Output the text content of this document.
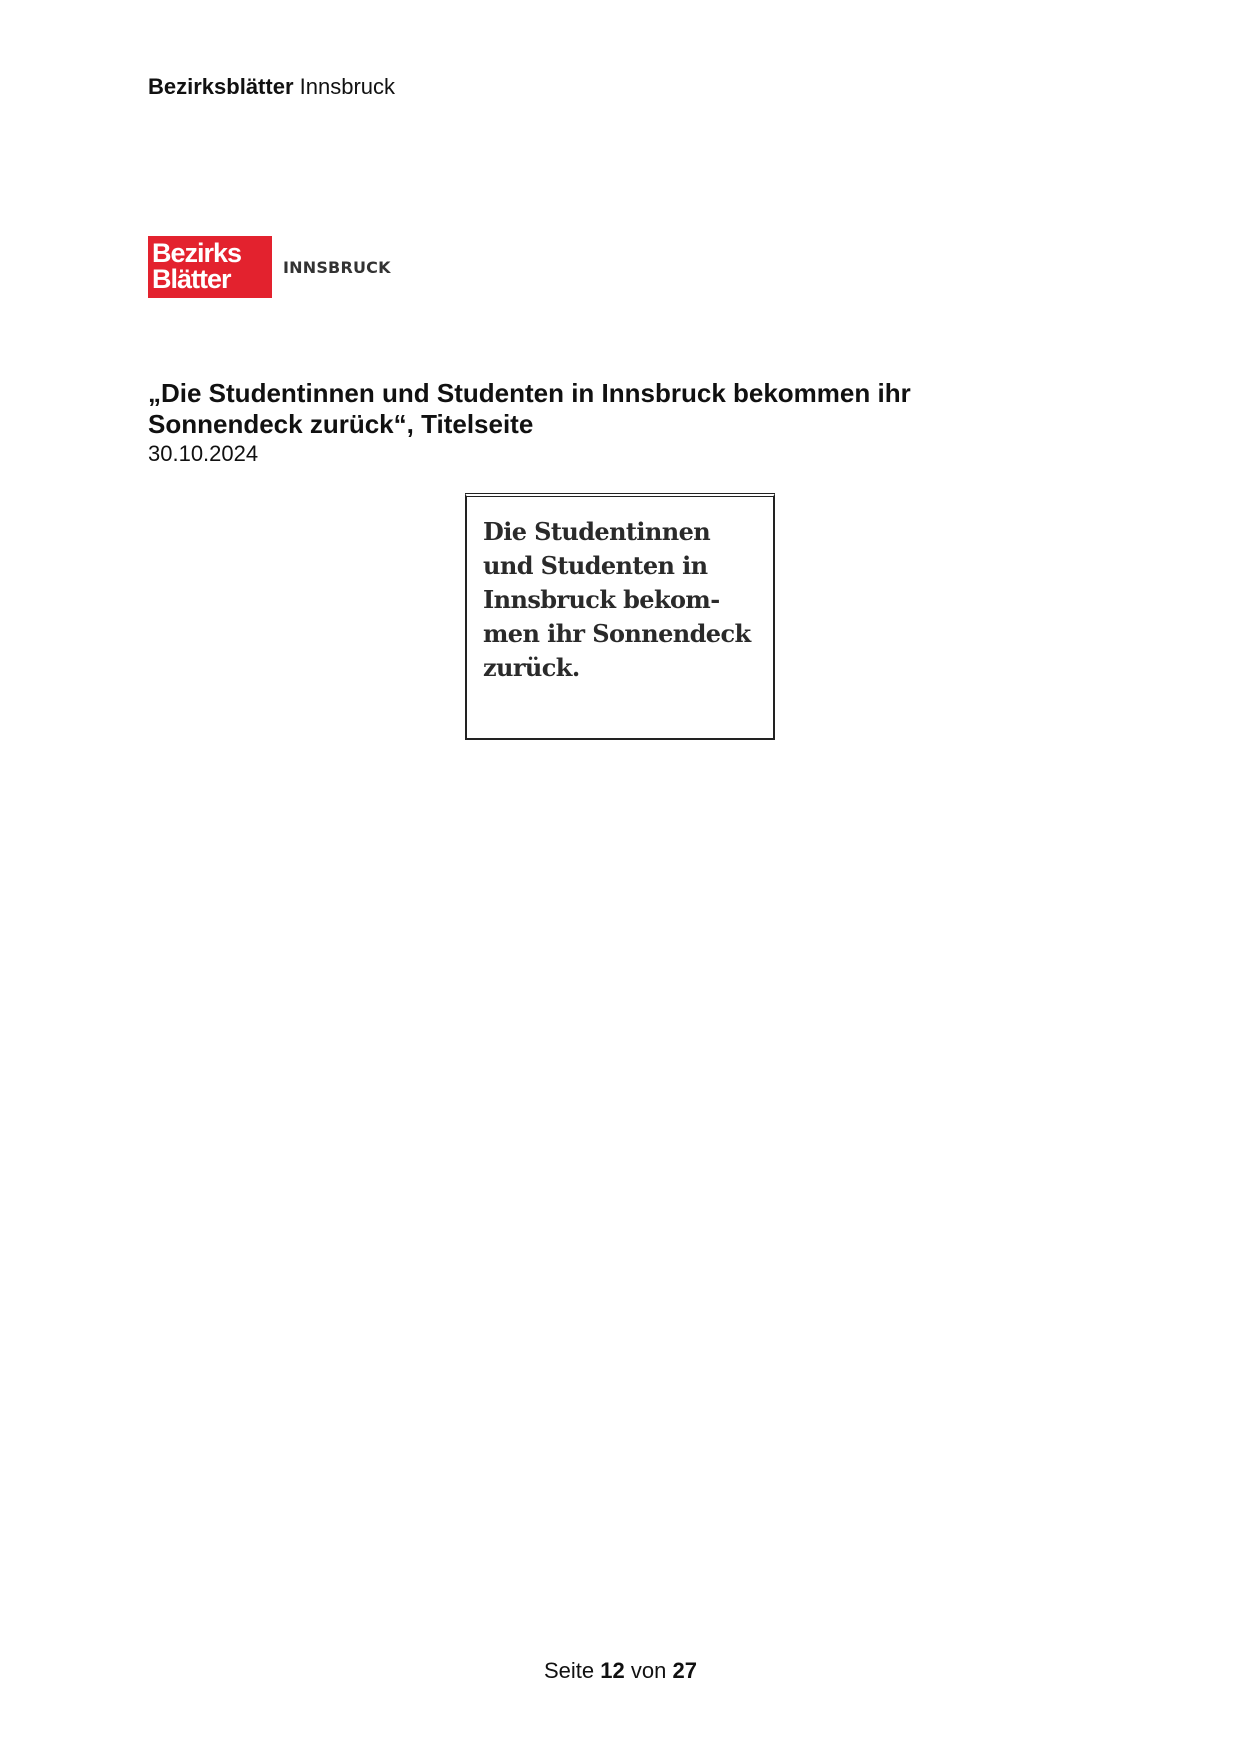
Bezirksblätter Innsbruck
Bezirks
Blätter	INNSBRUCK
„Die Studentinnen und Studenten in Innsbruck bekommen ihr Sonnendeck zurück“, Titelseite
30.10.2024

Die Studentinnen
und Studenten in
Innsbruck bekom-
men ihr Sonnendeck
zurück.

Seite 12 von 27
